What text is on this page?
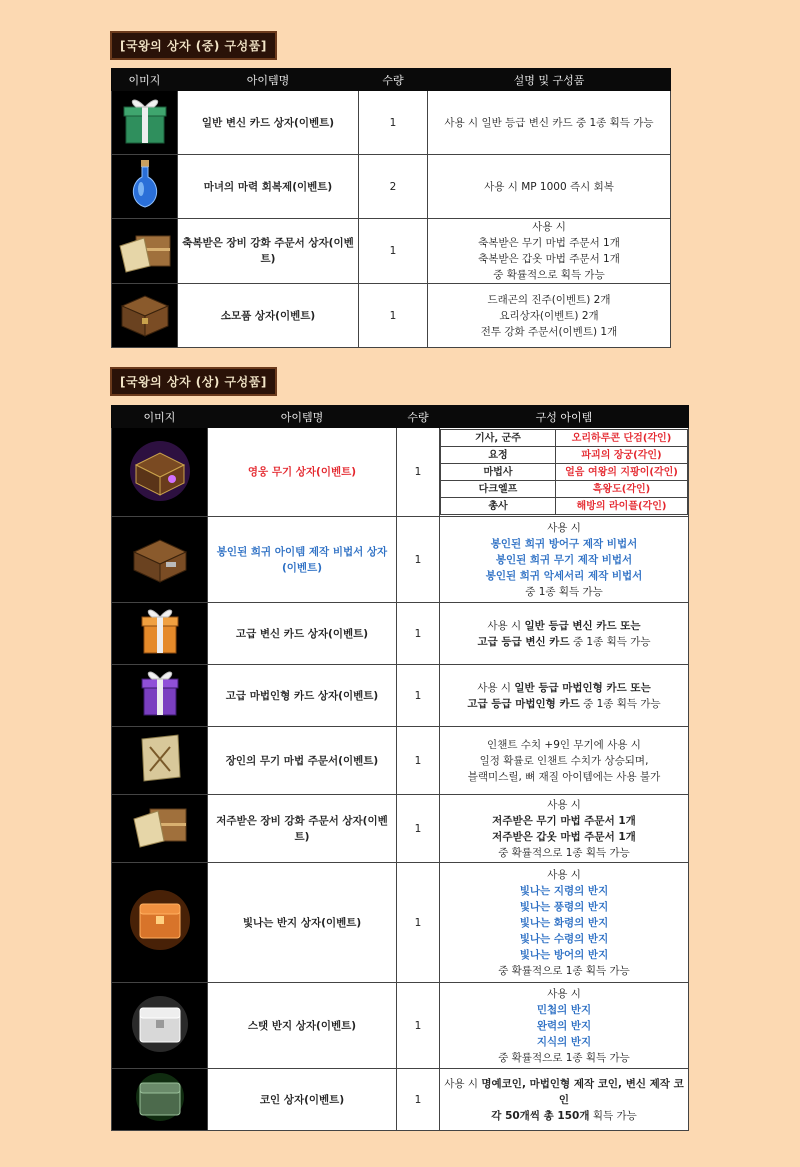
[국왕의 상자 (중) 구성품]
이미지	아이템명	수량	설명 및 구성품
	일반 변신 카드 상자(이벤트)	1	사용 시 일반 등급 변신 카드 중 1종 획득 가능

	마녀의 마력 회복제(이벤트)	2	사용 시 MP 1000 즉시 회복

	축복받은 장비 강화 주문서 상자(이벤트)	1	사용 시
축복받은 무기 마법 주문서 1개
축복받은 갑옷 마법 주문서 1개
중 확률적으로 획득 가능

	소모품 상자(이벤트)	1	드래곤의 진주(이벤트) 2개
요리상자(이벤트) 2개
전투 강화 주문서(이벤트) 1개
[국왕의 상자 (상) 구성품]
이미지	아이템명	수량	구성 아이템
	영웅 무기 상자(이벤트)	1	
기사, 군주	오리하루콘 단검(각인)
요정	파괴의 장궁(각인)
마법사	얼음 여왕의 지팡이(각인)
다크엘프	흑왕도(각인)
총사	해방의 라이플(각인)

	봉인된 희귀 아이템 제작 비법서 상자(이벤트)	1	
사용 시
봉인된 희귀 방어구 제작 비법서
봉인된 희귀 무기 제작 비법서
봉인된 희귀 악세서리 제작 비법서
중 1종 획득 가능

	고급 변신 카드 상자(이벤트)	1	
사용 시 일반 등급 변신 카드 또는
고급 등급 변신 카드 중 1종 획득 가능

	고급 마법인형 카드 상자(이벤트)	1	
사용 시 일반 등급 마법인형 카드 또는
고급 등급 마법인형 카드 중 1종 획득 가능

	장인의 무기 마법 주문서(이벤트)	1	
인챈트 수치 +9인 무기에 사용 시
일정 확률로 인챈트 수치가 상승되며,
블랙미스릴, 뼈 재질 아이템에는 사용 불가

	저주받은 장비 강화 주문서 상자(이벤트)	1	
사용 시
저주받은 무기 마법 주문서 1개
저주받은 갑옷 마법 주문서 1개
중 확률적으로 1종 획득 가능

	빛나는 반지 상자(이벤트)	1	
사용 시
빛나는 지령의 반지
빛나는 풍령의 반지
빛나는 화령의 반지
빛나는 수령의 반지
빛나는 방어의 반지
중 확률적으로 1종 획득 가능

	스탯 반지 상자(이벤트)	1	
사용 시
민첩의 반지
완력의 반지
지식의 반지
중 확률적으로 1종 획득 가능

	코인 상자(이벤트)	1	
사용 시 명예코인, 마법인형 제작 코인, 변신 제작 코인
각 50개씩 총 150개 획득 가능
